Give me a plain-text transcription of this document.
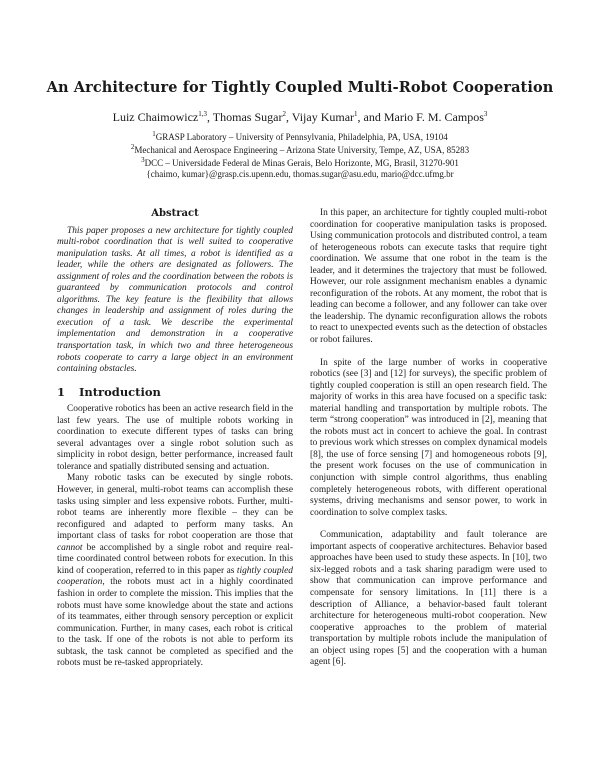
An Architecture for Tightly Coupled Multi-Robot Cooperation
Luiz Chaimowicz$^{1,3}$, Thomas Sugar$^2$, Vijay Kumar$^1$, and Mario F. M. Campos$^3$
$^1$GRASP Laboratory – University of Pennsylvania, Philadelphia, PA, USA, 19104
$^2$Mechanical and Aerospace Engineering – Arizona State University, Tempe, AZ, USA, 85283
$^3$DCC – Universidade Federal de Minas Gerais, Belo Horizonte, MG, Brasil, 31270-901
{chaimo, kumar}@grasp.cis.upenn.edu, thomas.sugar@asu.edu, mario@dcc.ufmg.br
Abstract

This paper proposes a new architecture for tightly coupled multi-robot coordination that is well suited to cooperative manipulation tasks. At all times, a robot is identified as a leader, while the others are designated as followers. The assignment of roles and the coordination between the robots is guaranteed by communication protocols and control algorithms. The key feature is the flexibility that allows changes in leadership and assignment of roles during the execution of a task. We describe the experimental implementation and demonstration in a cooperative transportation task, in which two and three heterogeneous robots cooperate to carry a large object in an environment containing obstacles.

1 Introduction

Cooperative robotics has been an active research field in the last few years. The use of multiple robots working in coordination to execute different types of tasks can bring several advantages over a single robot solution such as simplicity in robot design, better performance, increased fault tolerance and spatially distributed sensing and actuation.

Many robotic tasks can be executed by single robots. However, in general, multi-robot teams can accomplish these tasks using simpler and less expensive robots. Further, multi-robot teams are inherently more flexible – they can be reconfigured and adapted to perform many tasks. An important class of tasks for robot cooperation are those that cannot be accomplished by a single robot and require real-time coordinated control between robots for execution. In this kind of cooperation, referred to in this paper as tightly coupled cooperation, the robots must act in a highly coordinated fashion in order to complete the mission. This implies that the robots must have some knowledge about the state and actions of its teammates, either through sensory perception or explicit communication. Further, in many cases, each robot is critical to the task. If one of the robots is not able to perform its subtask, the task cannot be completed as specified and the robots must be re-tasked appropriately.

In this paper, an architecture for tightly coupled multi-robot coordination for cooperative manipulation tasks is proposed. Using communication protocols and distributed control, a team of heterogeneous robots can execute tasks that require tight coordination. We assume that one robot in the team is the leader, and it determines the trajectory that must be followed. However, our role assignment mechanism enables a dynamic reconfiguration of the robots. At any moment, the robot that is leading can become a follower, and any follower can take over the leadership. The dynamic reconfiguration allows the robots to react to unexpected events such as the detection of obstacles or robot failures.

In spite of the large number of works in cooperative robotics (see [3] and [12] for surveys), the specific problem of tightly coupled cooperation is still an open research field. The majority of works in this area have focused on a specific task: material handling and transportation by multiple robots. The term “strong cooperation” was introduced in [2], meaning that the robots must act in concert to achieve the goal. In contrast to previous work which stresses on complex dynamical models [8], the use of force sensing [7] and homogeneous robots [9], the present work focuses on the use of communication in conjunction with simple control algorithms, thus enabling completely heterogeneous robots, with different operational systems, driving mechanisms and sensor power, to work in coordination to solve complex tasks.

Communication, adaptability and fault tolerance are important aspects of cooperative architectures. Behavior based approaches have been used to study these aspects. In [10], two six-legged robots and a task sharing paradigm were used to show that communication can improve performance and compensate for sensory limitations. In [11] there is a description of Alliance, a behavior-based fault tolerant architecture for heterogeneous multi-robot cooperation. New cooperative approaches to the problem of material transportation by multiple robots include the manipulation of an object using ropes [5] and the cooperation with a human agent [6].
